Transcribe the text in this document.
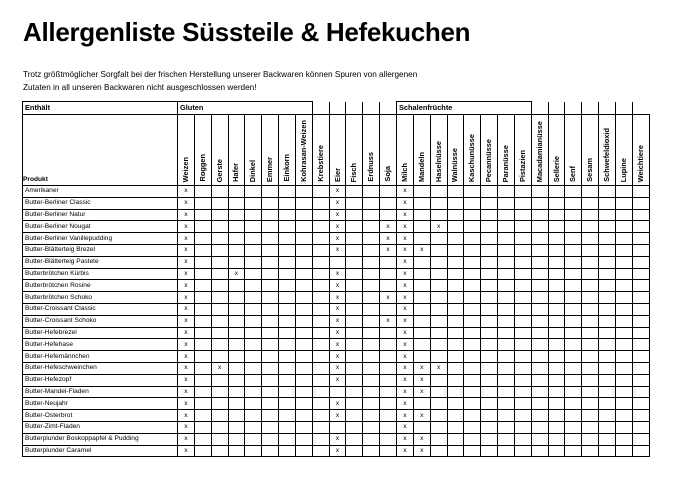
Allergenliste Süssteile & Hefekuchen
Trotz größtmöglicher Sorgfalt bei der frischen Herstellung unserer Backwaren können Spuren von allergenen
Zutaten in all unseren Backwaren nicht ausgeschlossen werden!
Enthält	Gluten													Schalenfrüchte														
Produkt	Weizen	Roggen	Gerste	Hafer	Dinkel	Emmer	Einkorn	Kohrasan-Weizen	Krebstiere	Eier	Fisch	Erdnuss	Soja	Milch	Mandeln	Haselnüsse	Walnüsse	Kaschunüsse	Pecannüsse	Paranüsse	Pistazien	Macadamianüsse	Sellerie	Senf	Sesam	Schwefeldioxid	Lupine	Weichtiere

Amerikaner	x									x				x														
Butter-Berliner Classic	x									x				x														
Butter-Berliner Natur	x									x				x														
Butter-Berliner Nougat	x									x			x	x		x												
Butter-Berliner Vanillepudding	x									x			x	x														
Butter-Blätterteig Brezel	x									x			x	x	x													
Butter-Blätterteig Pastete	x													x														
Butterbrötchen Kürbis	x			x						x				x														
Butterbrötchen Rosine	x									x				x														
Butterbrötchen Schoko	x									x			x	x														
Butter-Croissant Classic	x									x				x														
Butter-Croissant Schoko	x									x			x	x														
Butter-Hefebrezel	x									x				x														
Butter-Hefehase	x									x				x														
Butter-Hefemännchen	x									x				x														
Butter-Hefeschweinchen	x		x							x				x	x	x												
Butter-Hefezopf	x									x				x	x													
Butter-Mandel-Fladen	x													x	x													
Butter-Neujahr	x									x				x														
Butter-Osterbrot	x									x				x	x													
Butter-Zimt-Fladen	x													x														
Butterplunder Boskoppapfel & Pudding	x									x				x	x													
Butterplunder Caramel	x									x				x	x													
